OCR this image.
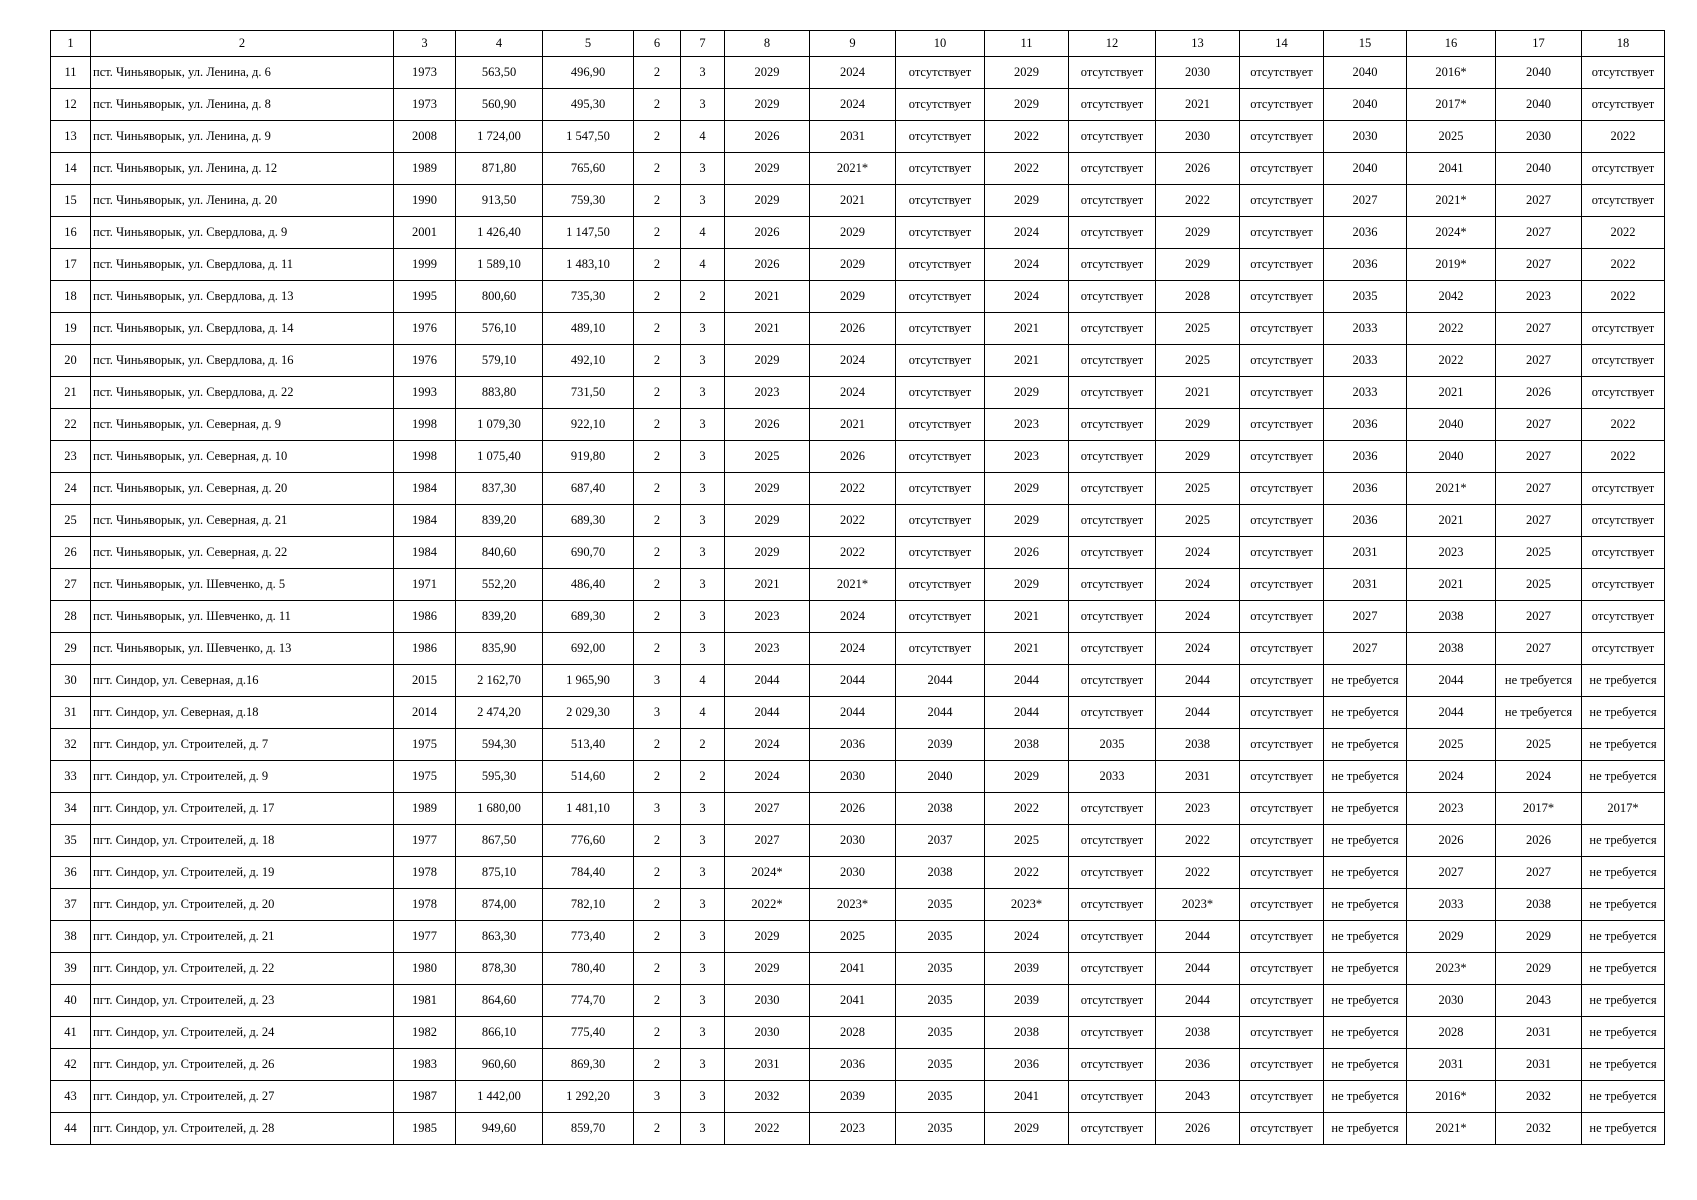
1	2	3	4	5	6	7	8	9	10	11	12	13	14	15	16	17	18
11	пст. Чиньяворык, ул. Ленина, д. 6	1973	563,50	496,90	2	3	2029	2024	отсутствует	2029	отсутствует	2030	отсутствует	2040	2016*	2040	отсутствует
12	пст. Чиньяворык, ул. Ленина, д. 8	1973	560,90	495,30	2	3	2029	2024	отсутствует	2029	отсутствует	2021	отсутствует	2040	2017*	2040	отсутствует
13	пст. Чиньяворык, ул. Ленина, д. 9	2008	1 724,00	1 547,50	2	4	2026	2031	отсутствует	2022	отсутствует	2030	отсутствует	2030	2025	2030	2022
14	пст. Чиньяворык, ул. Ленина, д. 12	1989	871,80	765,60	2	3	2029	2021*	отсутствует	2022	отсутствует	2026	отсутствует	2040	2041	2040	отсутствует
15	пст. Чиньяворык, ул. Ленина, д. 20	1990	913,50	759,30	2	3	2029	2021	отсутствует	2029	отсутствует	2022	отсутствует	2027	2021*	2027	отсутствует
16	пст. Чиньяворык, ул. Свердлова, д. 9	2001	1 426,40	1 147,50	2	4	2026	2029	отсутствует	2024	отсутствует	2029	отсутствует	2036	2024*	2027	2022
17	пст. Чиньяворык, ул. Свердлова, д. 11	1999	1 589,10	1 483,10	2	4	2026	2029	отсутствует	2024	отсутствует	2029	отсутствует	2036	2019*	2027	2022
18	пст. Чиньяворык, ул. Свердлова, д. 13	1995	800,60	735,30	2	2	2021	2029	отсутствует	2024	отсутствует	2028	отсутствует	2035	2042	2023	2022
19	пст. Чиньяворык, ул. Свердлова, д. 14	1976	576,10	489,10	2	3	2021	2026	отсутствует	2021	отсутствует	2025	отсутствует	2033	2022	2027	отсутствует
20	пст. Чиньяворык, ул. Свердлова, д. 16	1976	579,10	492,10	2	3	2029	2024	отсутствует	2021	отсутствует	2025	отсутствует	2033	2022	2027	отсутствует
21	пст. Чиньяворык, ул. Свердлова, д. 22	1993	883,80	731,50	2	3	2023	2024	отсутствует	2029	отсутствует	2021	отсутствует	2033	2021	2026	отсутствует
22	пст. Чиньяворык, ул. Северная, д. 9	1998	1 079,30	922,10	2	3	2026	2021	отсутствует	2023	отсутствует	2029	отсутствует	2036	2040	2027	2022
23	пст. Чиньяворык, ул. Северная, д. 10	1998	1 075,40	919,80	2	3	2025	2026	отсутствует	2023	отсутствует	2029	отсутствует	2036	2040	2027	2022
24	пст. Чиньяворык, ул. Северная, д. 20	1984	837,30	687,40	2	3	2029	2022	отсутствует	2029	отсутствует	2025	отсутствует	2036	2021*	2027	отсутствует
25	пст. Чиньяворык, ул. Северная, д. 21	1984	839,20	689,30	2	3	2029	2022	отсутствует	2029	отсутствует	2025	отсутствует	2036	2021	2027	отсутствует
26	пст. Чиньяворык, ул. Северная, д. 22	1984	840,60	690,70	2	3	2029	2022	отсутствует	2026	отсутствует	2024	отсутствует	2031	2023	2025	отсутствует
27	пст. Чиньяворык, ул. Шевченко, д. 5	1971	552,20	486,40	2	3	2021	2021*	отсутствует	2029	отсутствует	2024	отсутствует	2031	2021	2025	отсутствует
28	пст. Чиньяворык, ул. Шевченко, д. 11	1986	839,20	689,30	2	3	2023	2024	отсутствует	2021	отсутствует	2024	отсутствует	2027	2038	2027	отсутствует
29	пст. Чиньяворык, ул. Шевченко, д. 13	1986	835,90	692,00	2	3	2023	2024	отсутствует	2021	отсутствует	2024	отсутствует	2027	2038	2027	отсутствует
30	пгт. Синдор, ул. Северная, д.16	2015	2 162,70	1 965,90	3	4	2044	2044	2044	2044	отсутствует	2044	отсутствует	не требуется	2044	не требуется	не требуется
31	пгт. Синдор, ул. Северная, д.18	2014	2 474,20	2 029,30	3	4	2044	2044	2044	2044	отсутствует	2044	отсутствует	не требуется	2044	не требуется	не требуется
32	пгт. Синдор, ул. Строителей, д. 7	1975	594,30	513,40	2	2	2024	2036	2039	2038	2035	2038	отсутствует	не требуется	2025	2025	не требуется
33	пгт. Синдор, ул. Строителей, д. 9	1975	595,30	514,60	2	2	2024	2030	2040	2029	2033	2031	отсутствует	не требуется	2024	2024	не требуется
34	пгт. Синдор, ул. Строителей, д. 17	1989	1 680,00	1 481,10	3	3	2027	2026	2038	2022	отсутствует	2023	отсутствует	не требуется	2023	2017*	2017*
35	пгт. Синдор, ул. Строителей, д. 18	1977	867,50	776,60	2	3	2027	2030	2037	2025	отсутствует	2022	отсутствует	не требуется	2026	2026	не требуется
36	пгт. Синдор, ул. Строителей, д. 19	1978	875,10	784,40	2	3	2024*	2030	2038	2022	отсутствует	2022	отсутствует	не требуется	2027	2027	не требуется
37	пгт. Синдор, ул. Строителей, д. 20	1978	874,00	782,10	2	3	2022*	2023*	2035	2023*	отсутствует	2023*	отсутствует	не требуется	2033	2038	не требуется
38	пгт. Синдор, ул. Строителей, д. 21	1977	863,30	773,40	2	3	2029	2025	2035	2024	отсутствует	2044	отсутствует	не требуется	2029	2029	не требуется
39	пгт. Синдор, ул. Строителей, д. 22	1980	878,30	780,40	2	3	2029	2041	2035	2039	отсутствует	2044	отсутствует	не требуется	2023*	2029	не требуется
40	пгт. Синдор, ул. Строителей, д. 23	1981	864,60	774,70	2	3	2030	2041	2035	2039	отсутствует	2044	отсутствует	не требуется	2030	2043	не требуется
41	пгт. Синдор, ул. Строителей, д. 24	1982	866,10	775,40	2	3	2030	2028	2035	2038	отсутствует	2038	отсутствует	не требуется	2028	2031	не требуется
42	пгт. Синдор, ул. Строителей, д. 26	1983	960,60	869,30	2	3	2031	2036	2035	2036	отсутствует	2036	отсутствует	не требуется	2031	2031	не требуется
43	пгт. Синдор, ул. Строителей, д. 27	1987	1 442,00	1 292,20	3	3	2032	2039	2035	2041	отсутствует	2043	отсутствует	не требуется	2016*	2032	не требуется
44	пгт. Синдор, ул. Строителей, д. 28	1985	949,60	859,70	2	3	2022	2023	2035	2029	отсутствует	2026	отсутствует	не требуется	2021*	2032	не требуется
